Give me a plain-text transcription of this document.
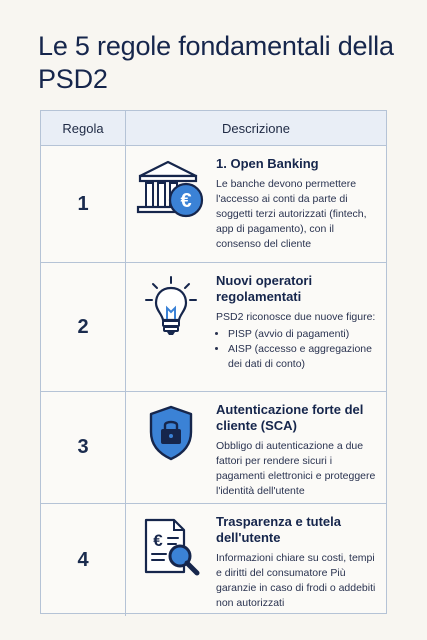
Le 5 regole fondamentali della PSD2
Regola	Descrizione
1	€
1. Open Banking

Le banche devono permettere l'accesso ai conti da parte di soggetti terzi autorizzati (fintech, app di pagamento), con il consenso del cliente

2
Nuovi operatori regolamentati

PSD2 riconosce due nuove figure:

• PISP (avvio di pagamenti)
• AISP (accesso e aggregazione dei dati di conto)
3
Autenticazione forte del cliente (SCA)

Obbligo di autenticazione a due fattori per rendere sicuri i pagamenti elettronici e proteggere l'identità dell'utente

4
€
Trasparenza e tutela dell'utente

Informazioni chiare su costi, tempi e diritti del consumatore Più garanzie in caso di frodi o addebiti non autorizzati
